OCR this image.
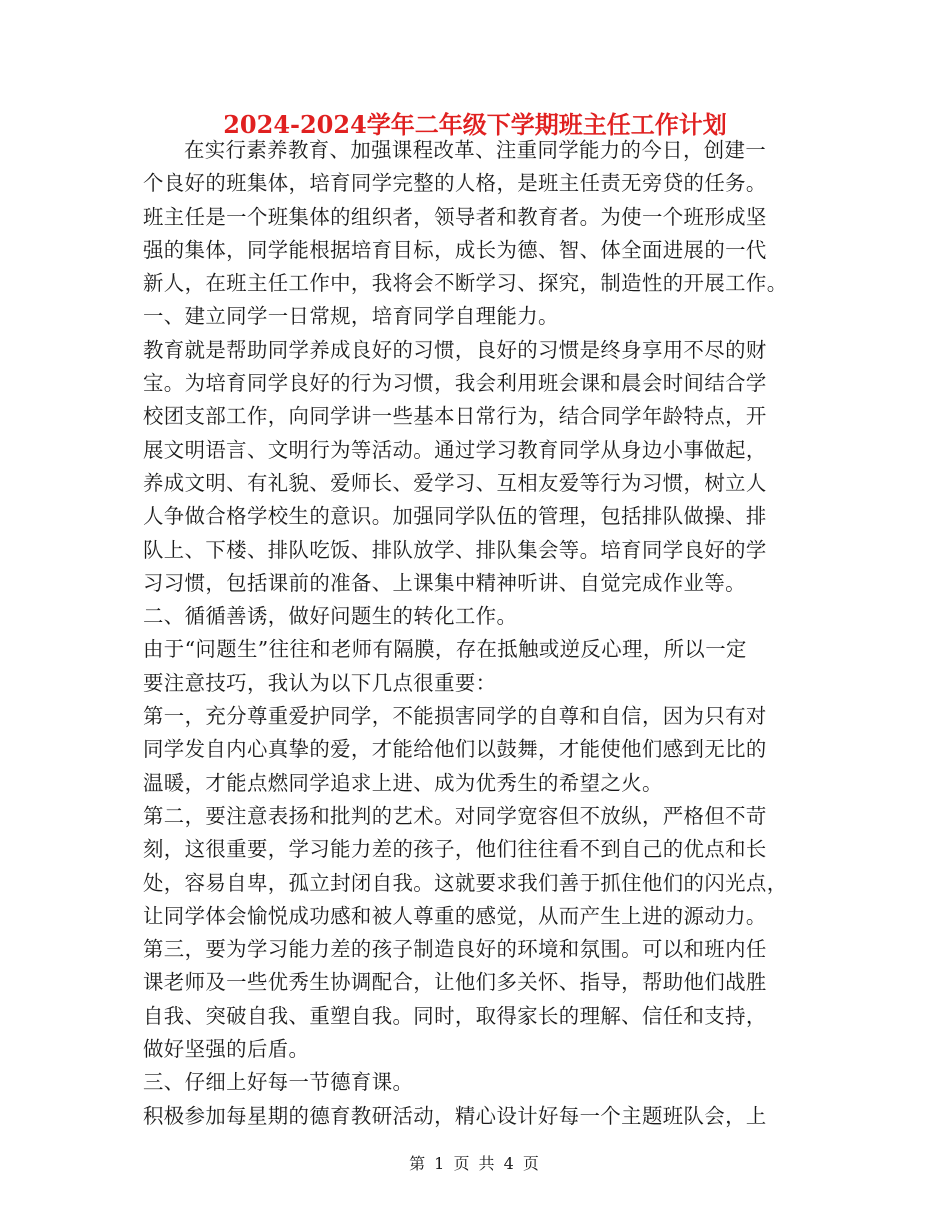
2024-2024学年二年级下学期班主任工作计划
在实行素养教育、加强课程改革、注重同学能力的今日，创建一
个良好的班集体，培育同学完整的人格，是班主任责无旁贷的任务。
班主任是一个班集体的组织者，领导者和教育者。为使一个班形成坚
强的集体，同学能根据培育目标，成长为德、智、体全面进展的一代
新人，在班主任工作中，我将会不断学习、探究，制造性的开展工作。
一、建立同学一日常规，培育同学自理能力。
教育就是帮助同学养成良好的习惯，良好的习惯是终身享用不尽的财
宝。为培育同学良好的行为习惯，我会利用班会课和晨会时间结合学
校团支部工作，向同学讲一些基本日常行为，结合同学年龄特点，开
展文明语言、文明行为等活动。通过学习教育同学从身边小事做起，
养成文明、有礼貌、爱师长、爱学习、互相友爱等行为习惯，树立人
人争做合格学校生的意识。加强同学队伍的管理，包括排队做操、排
队上、下楼、排队吃饭、排队放学、排队集会等。培育同学良好的学
习习惯，包括课前的准备、上课集中精神听讲、自觉完成作业等。
二、循循善诱，做好问题生的转化工作。
由于“问题生”往往和老师有隔膜，存在抵触或逆反心理，所以一定
要注意技巧，我认为以下几点很重要：
第一，充分尊重爱护同学，不能损害同学的自尊和自信，因为只有对
同学发自内心真挚的爱，才能给他们以鼓舞，才能使他们感到无比的
温暖，才能点燃同学追求上进、成为优秀生的希望之火。
第二，要注意表扬和批判的艺术。对同学宽容但不放纵，严格但不苛
刻，这很重要，学习能力差的孩子，他们往往看不到自己的优点和长
处，容易自卑，孤立封闭自我。这就要求我们善于抓住他们的闪光点，
让同学体会愉悦成功感和被人尊重的感觉，从而产生上进的源动力。
第三，要为学习能力差的孩子制造良好的环境和氛围。可以和班内任
课老师及一些优秀生协调配合，让他们多关怀、指导，帮助他们战胜
自我、突破自我、重塑自我。同时，取得家长的理解、信任和支持，
做好坚强的后盾。
三、仔细上好每一节德育课。
积极参加每星期的德育教研活动，精心设计好每一个主题班队会，上
第 1 页 共 4 页
